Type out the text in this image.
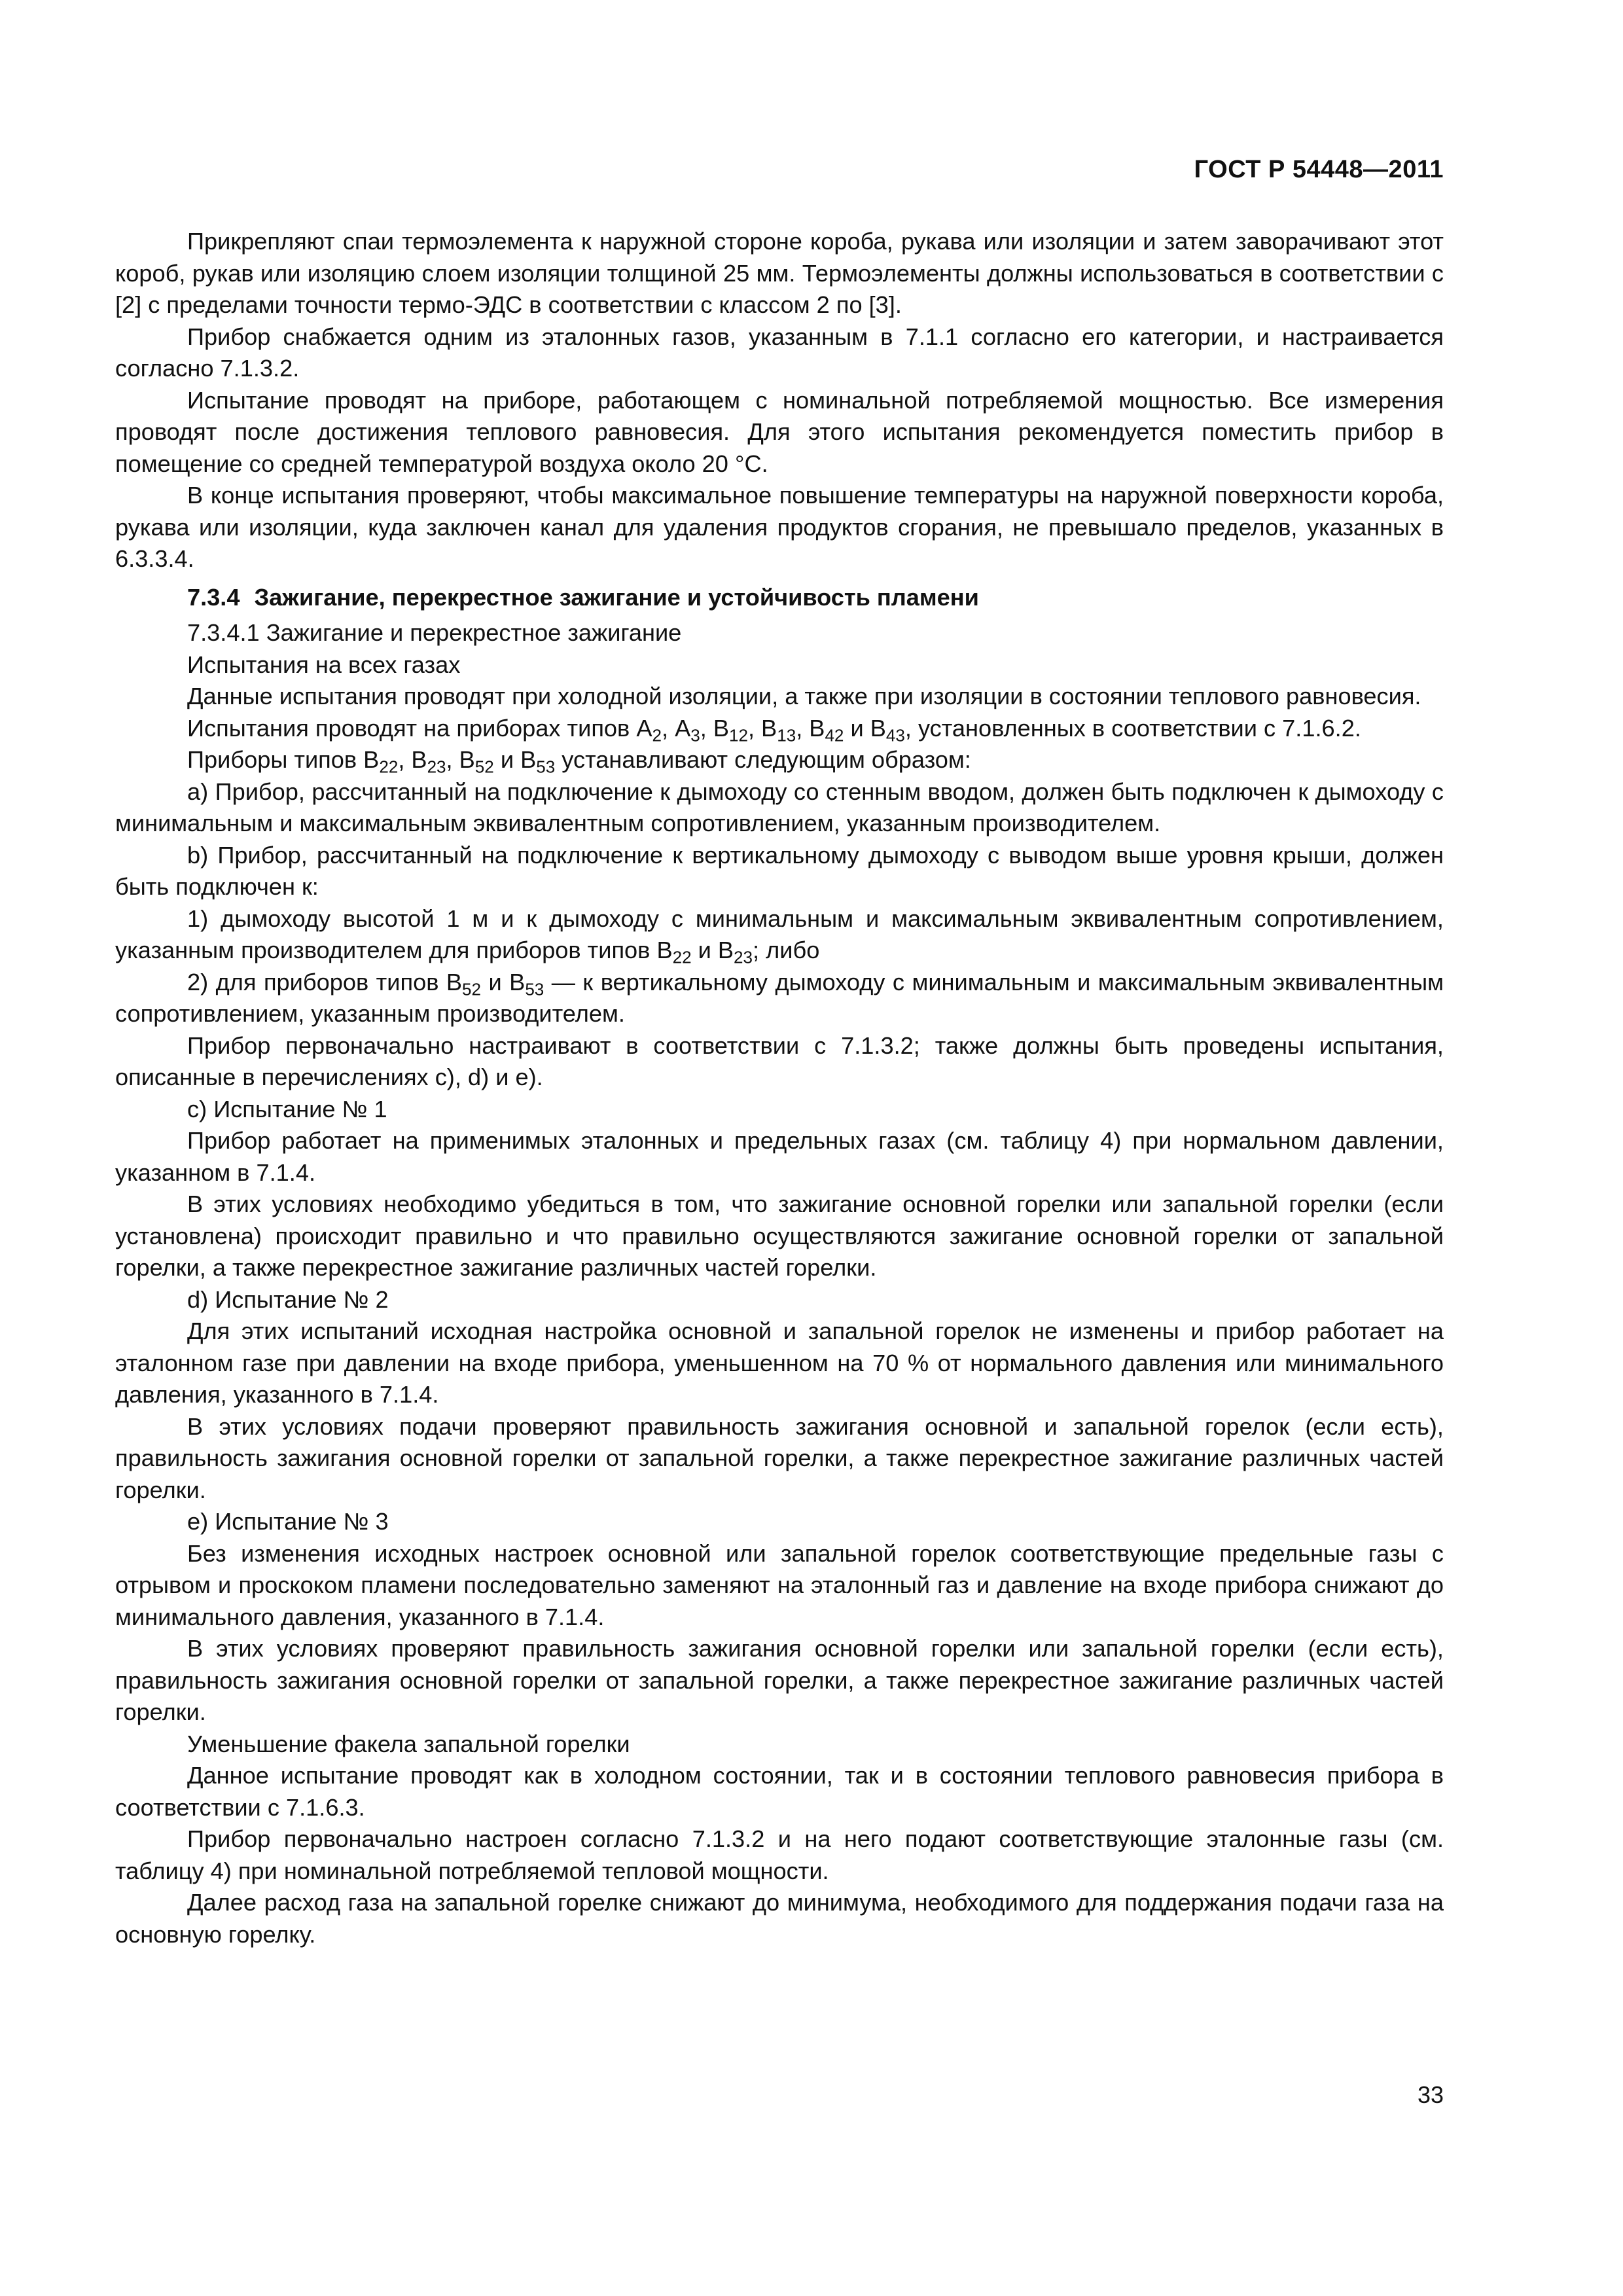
ГОСТ Р 54448—2011

Прикрепляют спаи термоэлемента к наружной стороне короба, рукава или изоляции и затем заворачивают этот короб, рукав или изоляцию слоем изоляции толщиной 25 мм. Термоэлементы должны использоваться в соответствии с [2] с пределами точности термо-ЭДС в соответствии с классом 2 по [3].

Прибор снабжается одним из эталонных газов, указанным в 7.1.1 согласно его категории, и настраивается согласно 7.1.3.2.

Испытание проводят на приборе, работающем с номинальной потребляемой мощностью. Все измерения проводят после достижения теплового равновесия. Для этого испытания рекомендуется поместить прибор в помещение со средней температурой воздуха около 20 °С.

В конце испытания проверяют, чтобы максимальное повышение температуры на наружной поверхности короба, рукава или изоляции, куда заключен канал для удаления продуктов сгорания, не превышало пределов, указанных в 6.3.3.4.

7.3.4 Зажигание, перекрестное зажигание и устойчивость пламени

7.3.4.1 Зажигание и перекрестное зажигание

Испытания на всех газах

Данные испытания проводят при холодной изоляции, а также при изоляции в состоянии теплового равновесия.

Испытания проводят на приборах типов $А_2$, $А_3$, $В_{12}$, $В_{13}$, $В_{42}$ и $В_{43}$, установленных в соответствии с 7.1.6.2.

Приборы типов $В_{22}$, $В_{23}$, $В_{52}$ и $В_{53}$ устанавливают следующим образом:

a) Прибор, рассчитанный на подключение к дымоходу со стенным вводом, должен быть подключен к дымоходу с минимальным и максимальным эквивалентным сопротивлением, указанным производителем.

b) Прибор, рассчитанный на подключение к вертикальному дымоходу с выводом выше уровня крыши, должен быть подключен к:

1) дымоходу высотой 1 м и к дымоходу с минимальным и максимальным эквивалентным сопротивлением, указанным производителем для приборов типов $В_{22}$ и $В_{23}$; либо

2) для приборов типов $В_{52}$ и $В_{53}$ — к вертикальному дымоходу с минимальным и максимальным эквивалентным сопротивлением, указанным производителем.

Прибор первоначально настраивают в соответствии с 7.1.3.2; также должны быть проведены испытания, описанные в перечислениях с), d) и е).

c) Испытание № 1

Прибор работает на применимых эталонных и предельных газах (см. таблицу 4) при нормальном давлении, указанном в 7.1.4.

В этих условиях необходимо убедиться в том, что зажигание основной горелки или запальной горелки (если установлена) происходит правильно и что правильно осуществляются зажигание основной горелки от запальной горелки, а также перекрестное зажигание различных частей горелки.

d) Испытание № 2

Для этих испытаний исходная настройка основной и запальной горелок не изменены и прибор работает на эталонном газе при давлении на входе прибора, уменьшенном на 70 % от нормального давления или минимального давления, указанного в 7.1.4.

В этих условиях подачи проверяют правильность зажигания основной и запальной горелок (если есть), правильность зажигания основной горелки от запальной горелки, а также перекрестное зажигание различных частей горелки.

e) Испытание № 3

Без изменения исходных настроек основной или запальной горелок соответствующие предельные газы с отрывом и проскоком пламени последовательно заменяют на эталонный газ и давление на входе прибора снижают до минимального давления, указанного в 7.1.4.

В этих условиях проверяют правильность зажигания основной горелки или запальной горелки (если есть), правильность зажигания основной горелки от запальной горелки, а также перекрестное зажигание различных частей горелки.

Уменьшение факела запальной горелки

Данное испытание проводят как в холодном состоянии, так и в состоянии теплового равновесия прибора в соответствии с 7.1.6.3.

Прибор первоначально настроен согласно 7.1.3.2 и на него подают соответствующие эталонные газы (см. таблицу 4) при номинальной потребляемой тепловой мощности.

Далее расход газа на запальной горелке снижают до минимума, необходимого для поддержания подачи газа на основную горелку.

33
